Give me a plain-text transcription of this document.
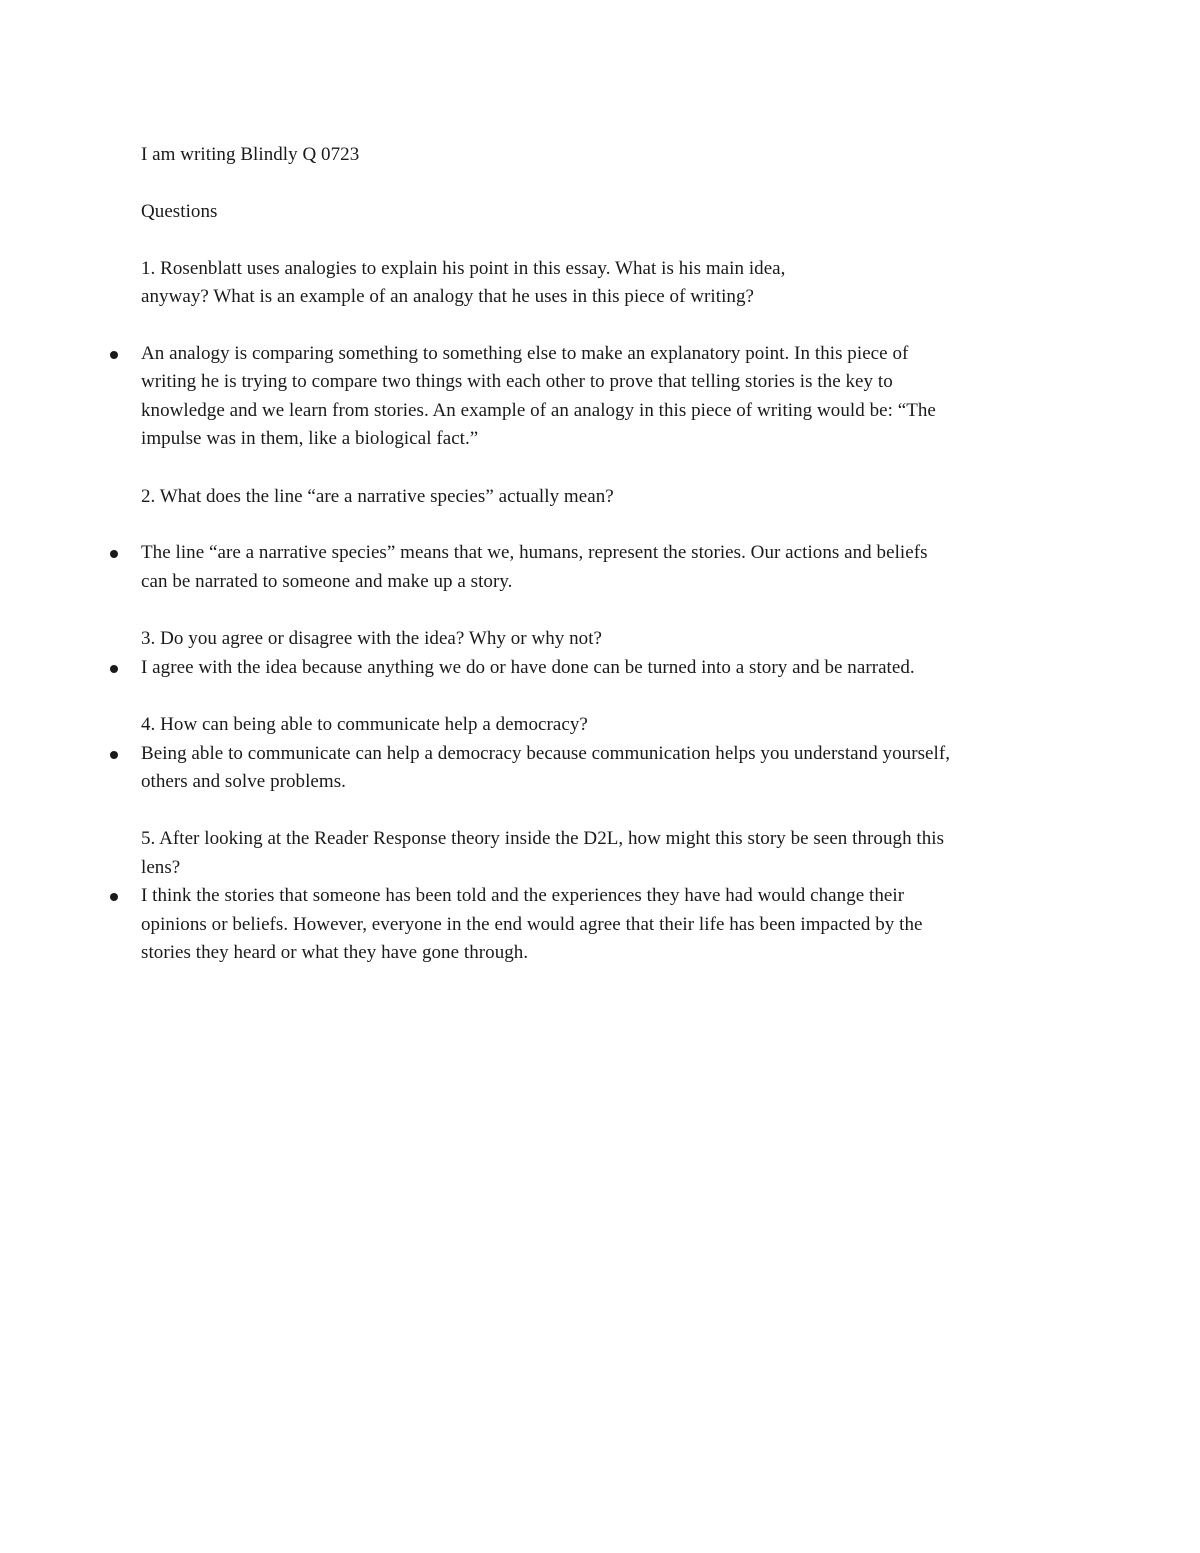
I am writing Blindly Q 0723
Questions
1. Rosenblatt uses analogies to explain his point in this essay. What is his main idea,
anyway? What is an example of an analogy that he uses in this piece of writing?
An analogy is comparing something to something else to make an explanatory point. In this piece of
writing he is trying to compare two things with each other to prove that telling stories is the key to
knowledge and we learn from stories. An example of an analogy in this piece of writing would be: “The
impulse was in them, like a biological fact.”
2. What does the line “are a narrative species” actually mean?
The line “are a narrative species” means that we, humans, represent the stories. Our actions and beliefs
can be narrated to someone and make up a story.
3. Do you agree or disagree with the idea? Why or why not?
I agree with the idea because anything we do or have done can be turned into a story and be narrated.
4. How can being able to communicate help a democracy?
Being able to communicate can help a democracy because communication helps you understand yourself,
others and solve problems.
5. After looking at the Reader Response theory inside the D2L, how might this story be seen through this
lens?
I think the stories that someone has been told and the experiences they have had would change their
opinions or beliefs. However, everyone in the end would agree that their life has been impacted by the
stories they heard or what they have gone through.
